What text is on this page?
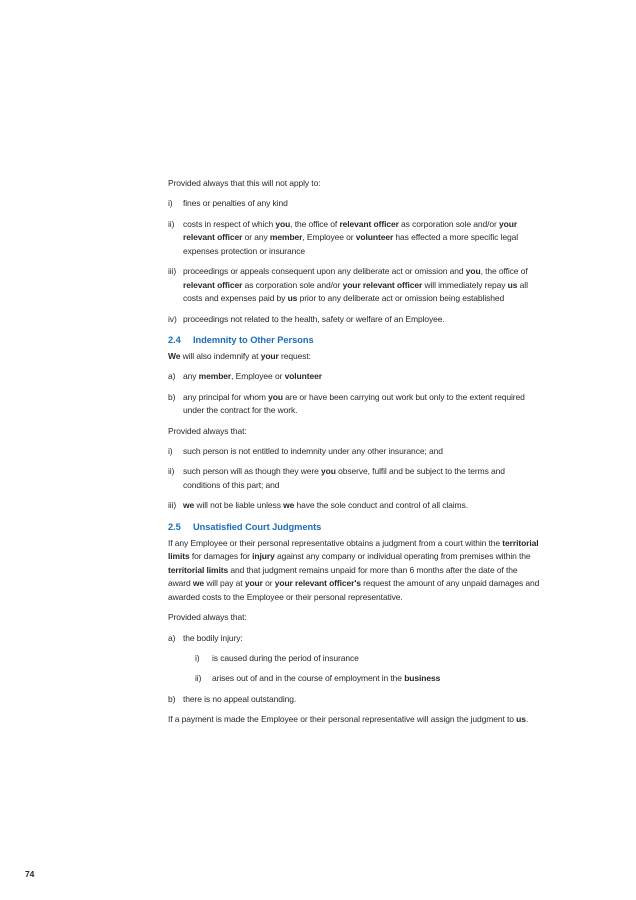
Provided always that this will not apply to:
i)	fines or penalties of any kind
ii)	costs in respect of which you, the office of relevant officer as corporation sole and/or your
relevant officer or any member, Employee or volunteer has effected a more specific legal
expenses protection or insurance
iii) proceedings or appeals consequent upon any deliberate act or omission and you, the office of
relevant officer as corporation sole and/or your relevant officer will immediately repay us all
costs and expenses paid by us prior to any deliberate act or omission being established
iv) proceedings not related to the health, safety or welfare of an Employee.
2.4 Indemnity to Other Persons
We will also indemnify at your request:
a) any member, Employee or volunteer
b) any principal for whom you are or have been carrying out work but only to the extent required
under the contract for the work.
Provided always that:
i)	such person is not entitled to indemnity under any other insurance; and
ii)	such person will as though they were you observe, fulfil and be subject to the terms and
conditions of this part; and
iii) we will not be liable unless we have the sole conduct and control of all claims.
2.5 Unsatisfied Court Judgments
If any Employee or their personal representative obtains a judgment from a court within the territorial
limits for damages for injury against any company or individual operating from premises within the
territorial limits and that judgment remains unpaid for more than 6 months after the date of the
award we will pay at your or your relevant officer's request the amount of any unpaid damages and
awarded costs to the Employee or their personal representative.
Provided always that:
a) the bodily injury:
i)	is caused during the period of insurance
ii)	arises out of and in the course of employment in the business
b) there is no appeal outstanding.
If a payment is made the Employee or their personal representative will assign the judgment to us.
74
